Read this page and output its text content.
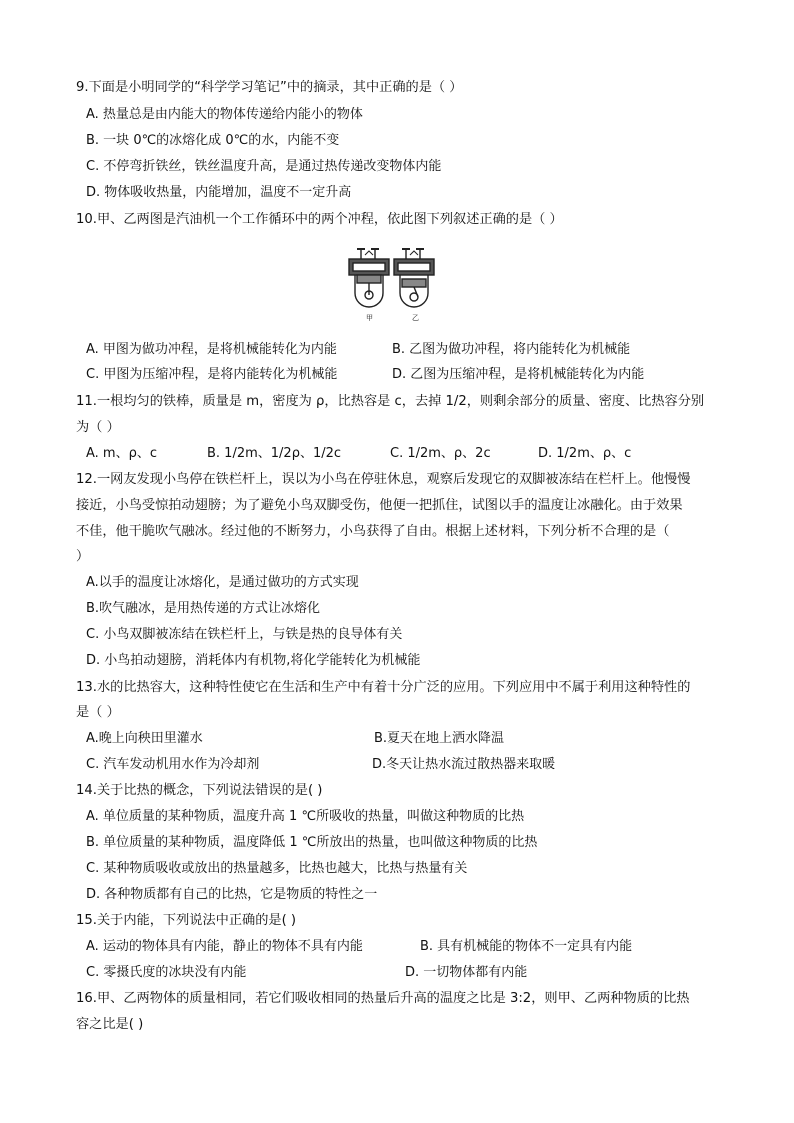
9.下面是小明同学的“科学学习笔记”中的摘录，其中正确的是（ ）
A. 热量总是由内能大的物体传递给内能小的物体
B. 一块 0℃的冰熔化成 0℃的水，内能不变
C. 不停弯折铁丝，铁丝温度升高，是通过热传递改变物体内能
D. 物体吸收热量，内能增加，温度不一定升高
10.甲、乙两图是汽油机一个工作循环中的两个冲程，依此图下列叙述正确的是（ ）
甲	乙
A. 甲图为做功冲程，是将机械能转化为内能	B. 乙图为做功冲程，将内能转化为机械能
C. 甲图为压缩冲程，是将内能转化为机械能	D. 乙图为压缩冲程，是将机械能转化为内能
11.一根均匀的铁棒，质量是 m，密度为 ρ，比热容是 c，去掉 1/2，则剩余部分的质量、密度、比热容分别
为（ ）
A. m、ρ、c	B. 1/2m、1/2ρ、1/2c	C. 1/2m、ρ、2c	D. 1/2m、ρ、c
12.一网友发现小鸟停在铁栏杆上，误以为小鸟在停驻休息，观察后发现它的双脚被冻结在栏杆上。他慢慢
接近，小鸟受惊拍动翅膀；为了避免小鸟双脚受伤，他便一把抓住，试图以手的温度让冰融化。由于效果
不佳，他干脆吹气融冰。经过他的不断努力，小鸟获得了自由。根据上述材料，下列分析不合理的是（
）
A.以手的温度让冰熔化，是通过做功的方式实现
B.吹气融冰，是用热传递的方式让冰熔化
C. 小鸟双脚被冻结在铁栏杆上，与铁是热的良导体有关
D. 小鸟拍动翅膀，消耗体内有机物,将化学能转化为机械能
13.水的比热容大，这种特性使它在生活和生产中有着十分广泛的应用。下列应用中不属于利用这种特性的
是（ ）
A.晚上向秧田里灌水	B.夏天在地上洒水降温
C. 汽车发动机用水作为冷却剂	D.冬天让热水流过散热器来取暖
14.关于比热的概念，下列说法错误的是( )
A. 单位质量的某种物质，温度升高 1 ℃所吸收的热量，叫做这种物质的比热
B. 单位质量的某种物质，温度降低 1 ℃所放出的热量，也叫做这种物质的比热
C. 某种物质吸收或放出的热量越多，比热也越大，比热与热量有关
D. 各种物质都有自己的比热，它是物质的特性之一
15.关于内能，下列说法中正确的是( )
A. 运动的物体具有内能，静止的物体不具有内能	B. 具有机械能的物体不一定具有内能
C. 零摄氏度的冰块没有内能	D. 一切物体都有内能
16.甲、乙两物体的质量相同，若它们吸收相同的热量后升高的温度之比是 3:2，则甲、乙两种物质的比热
容之比是( )
